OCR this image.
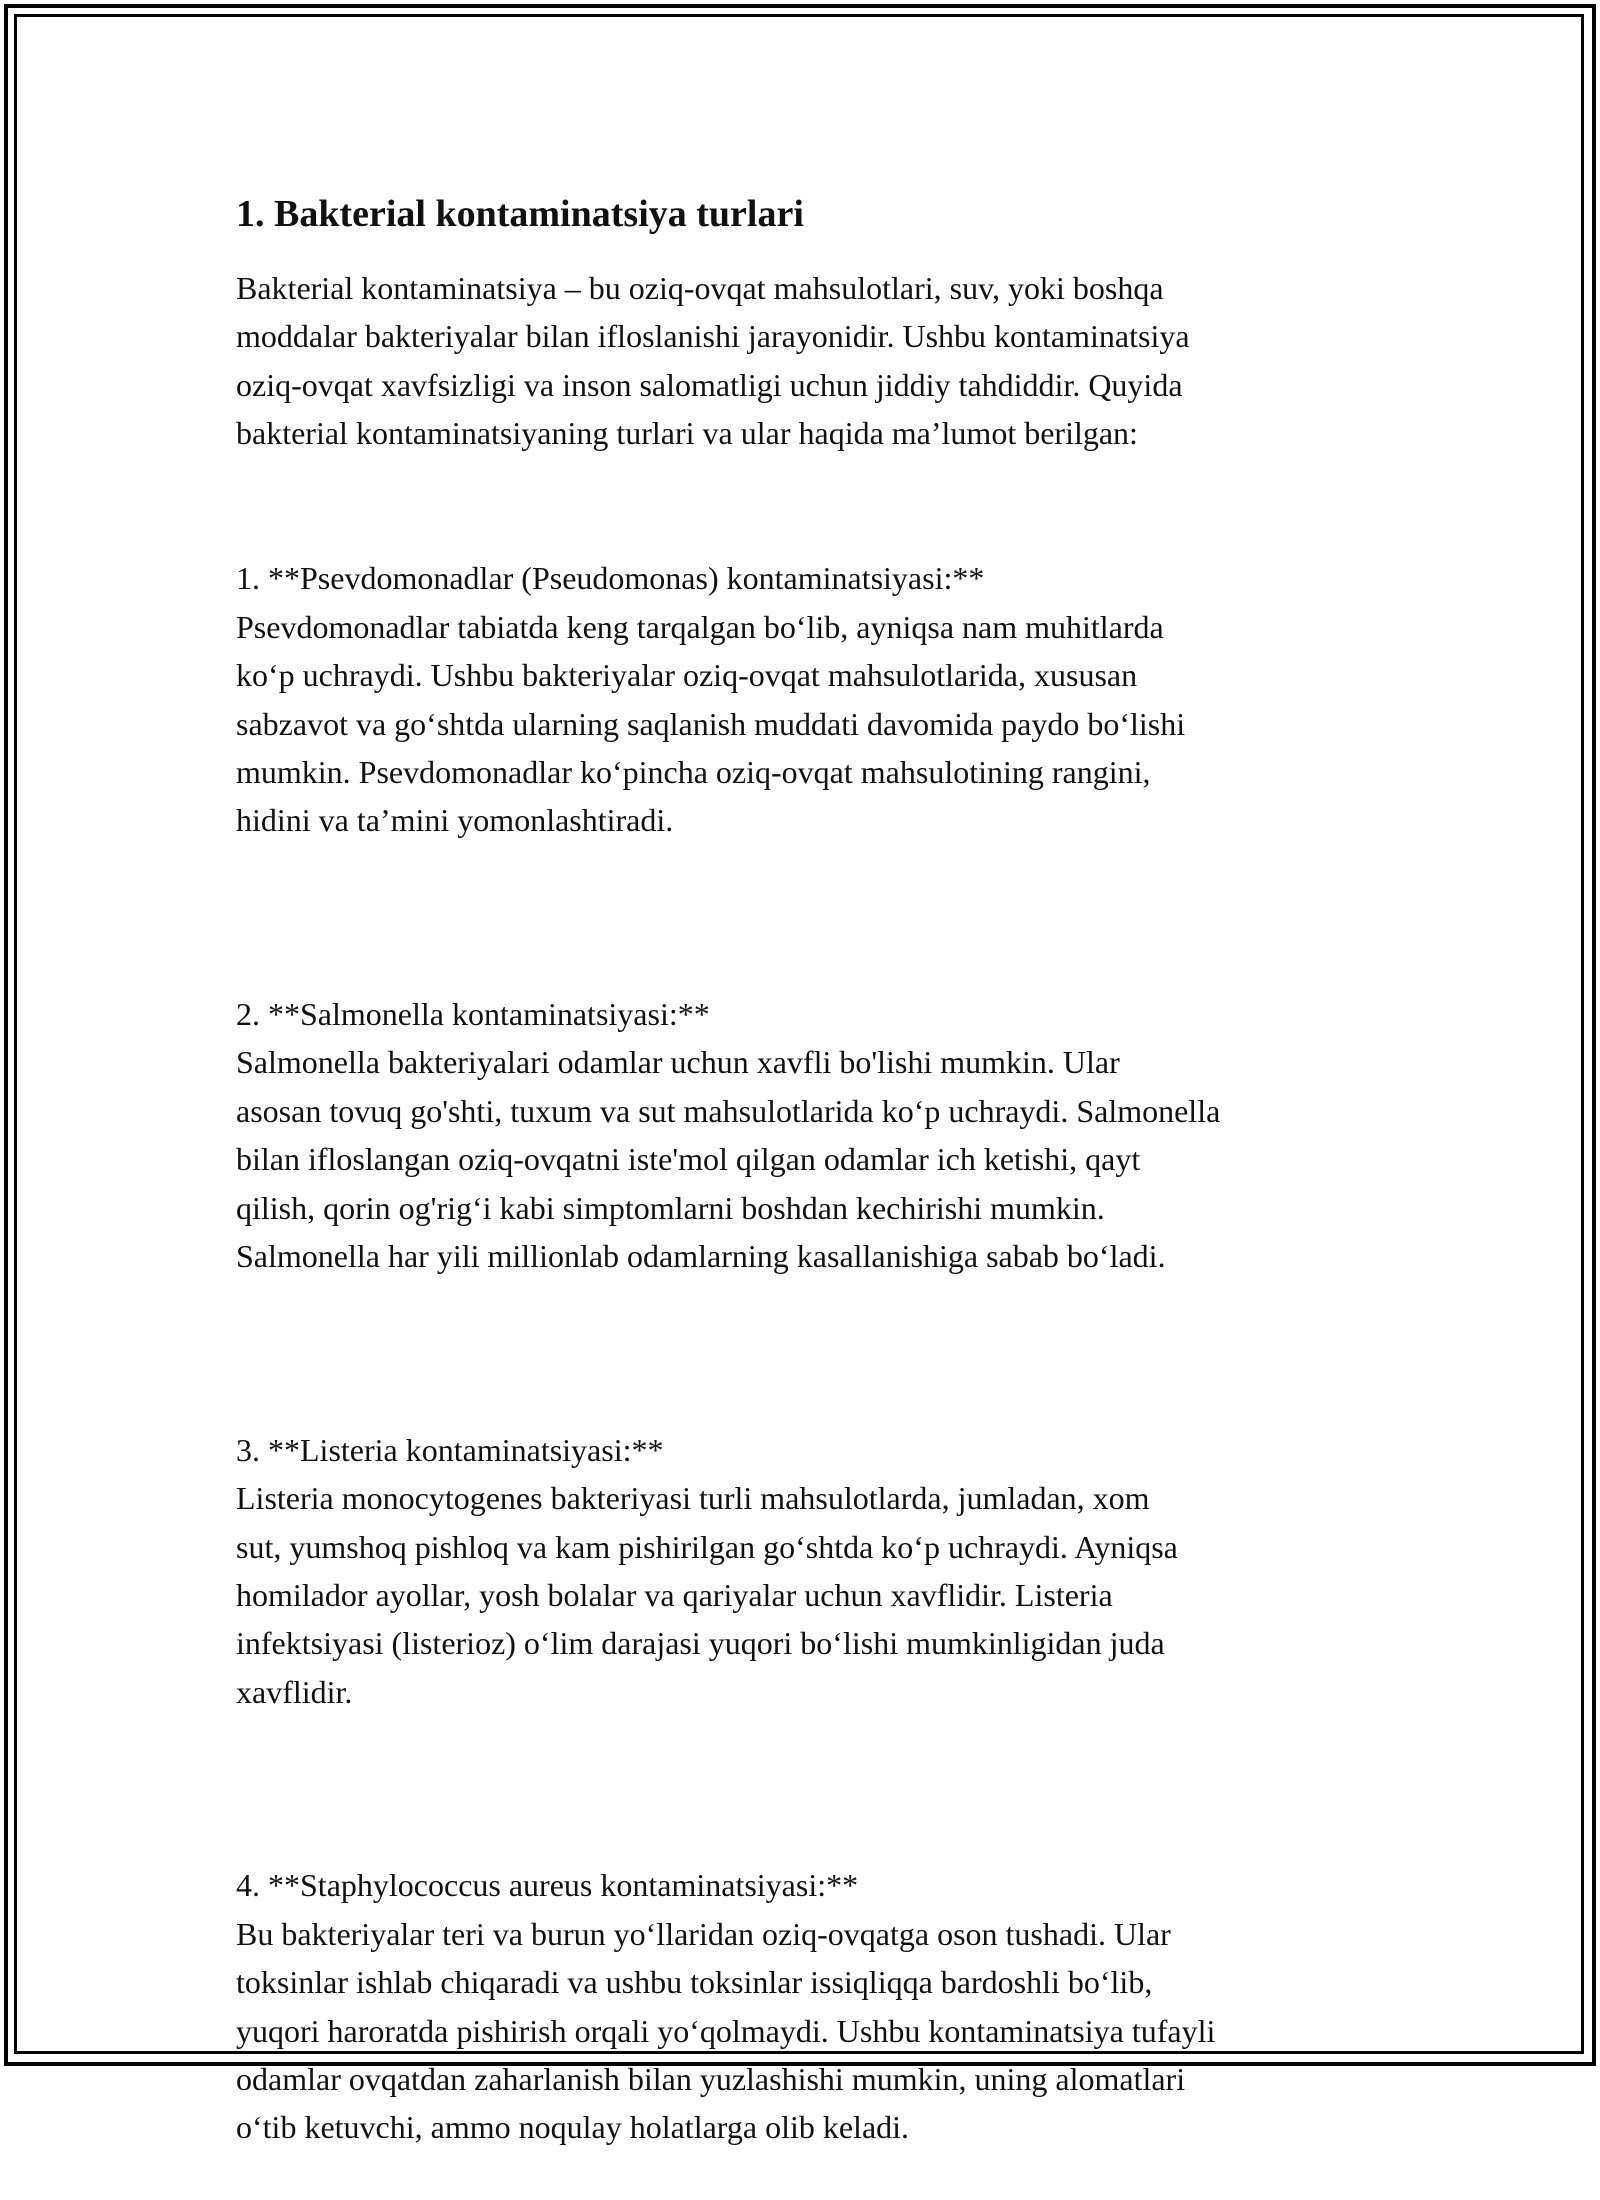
1. Bakterial kontaminatsiya turlari

Bakterial kontaminatsiya – bu oziq-ovqat mahsulotlari, suv, yoki boshqa
moddalar bakteriyalar bilan ifloslanishi jarayonidir. Ushbu kontaminatsiya
oziq-ovqat xavfsizligi va inson salomatligi uchun jiddiy tahdiddir. Quyida
bakterial kontaminatsiyaning turlari va ular haqida ma’lumot berilgan:

1. **Psevdomonadlar (Pseudomonas) kontaminatsiyasi:**
Psevdomonadlar tabiatda keng tarqalgan bo‘lib, ayniqsa nam muhitlarda
ko‘p uchraydi. Ushbu bakteriyalar oziq-ovqat mahsulotlarida, xususan
sabzavot va go‘shtda ularning saqlanish muddati davomida paydo bo‘lishi
mumkin. Psevdomonadlar ko‘pincha oziq-ovqat mahsulotining rangini,
hidini va ta’mini yomonlashtiradi.

2. **Salmonella kontaminatsiyasi:**
Salmonella bakteriyalari odamlar uchun xavfli bo'lishi mumkin. Ular
asosan tovuq go'shti, tuxum va sut mahsulotlarida ko‘p uchraydi. Salmonella
bilan ifloslangan oziq-ovqatni iste'mol qilgan odamlar ich ketishi, qayt
qilish, qorin og'rig‘i kabi simptomlarni boshdan kechirishi mumkin.
Salmonella har yili millionlab odamlarning kasallanishiga sabab bo‘ladi.

3. **Listeria kontaminatsiyasi:**
Listeria monocytogenes bakteriyasi turli mahsulotlarda, jumladan, xom
sut, yumshoq pishloq va kam pishirilgan go‘shtda ko‘p uchraydi. Ayniqsa
homilador ayollar, yosh bolalar va qariyalar uchun xavflidir. Listeria
infektsiyasi (listerioz) o‘lim darajasi yuqori bo‘lishi mumkinligidan juda
xavflidir.

4. **Staphylococcus aureus kontaminatsiyasi:**
Bu bakteriyalar teri va burun yo‘llaridan oziq-ovqatga oson tushadi. Ular
toksinlar ishlab chiqaradi va ushbu toksinlar issiqliqqa bardoshli bo‘lib,
yuqori haroratda pishirish orqali yo‘qolmaydi. Ushbu kontaminatsiya tufayli
odamlar ovqatdan zaharlanish bilan yuzlashishi mumkin, uning alomatlari
o‘tib ketuvchi, ammo noqulay holatlarga olib keladi.
